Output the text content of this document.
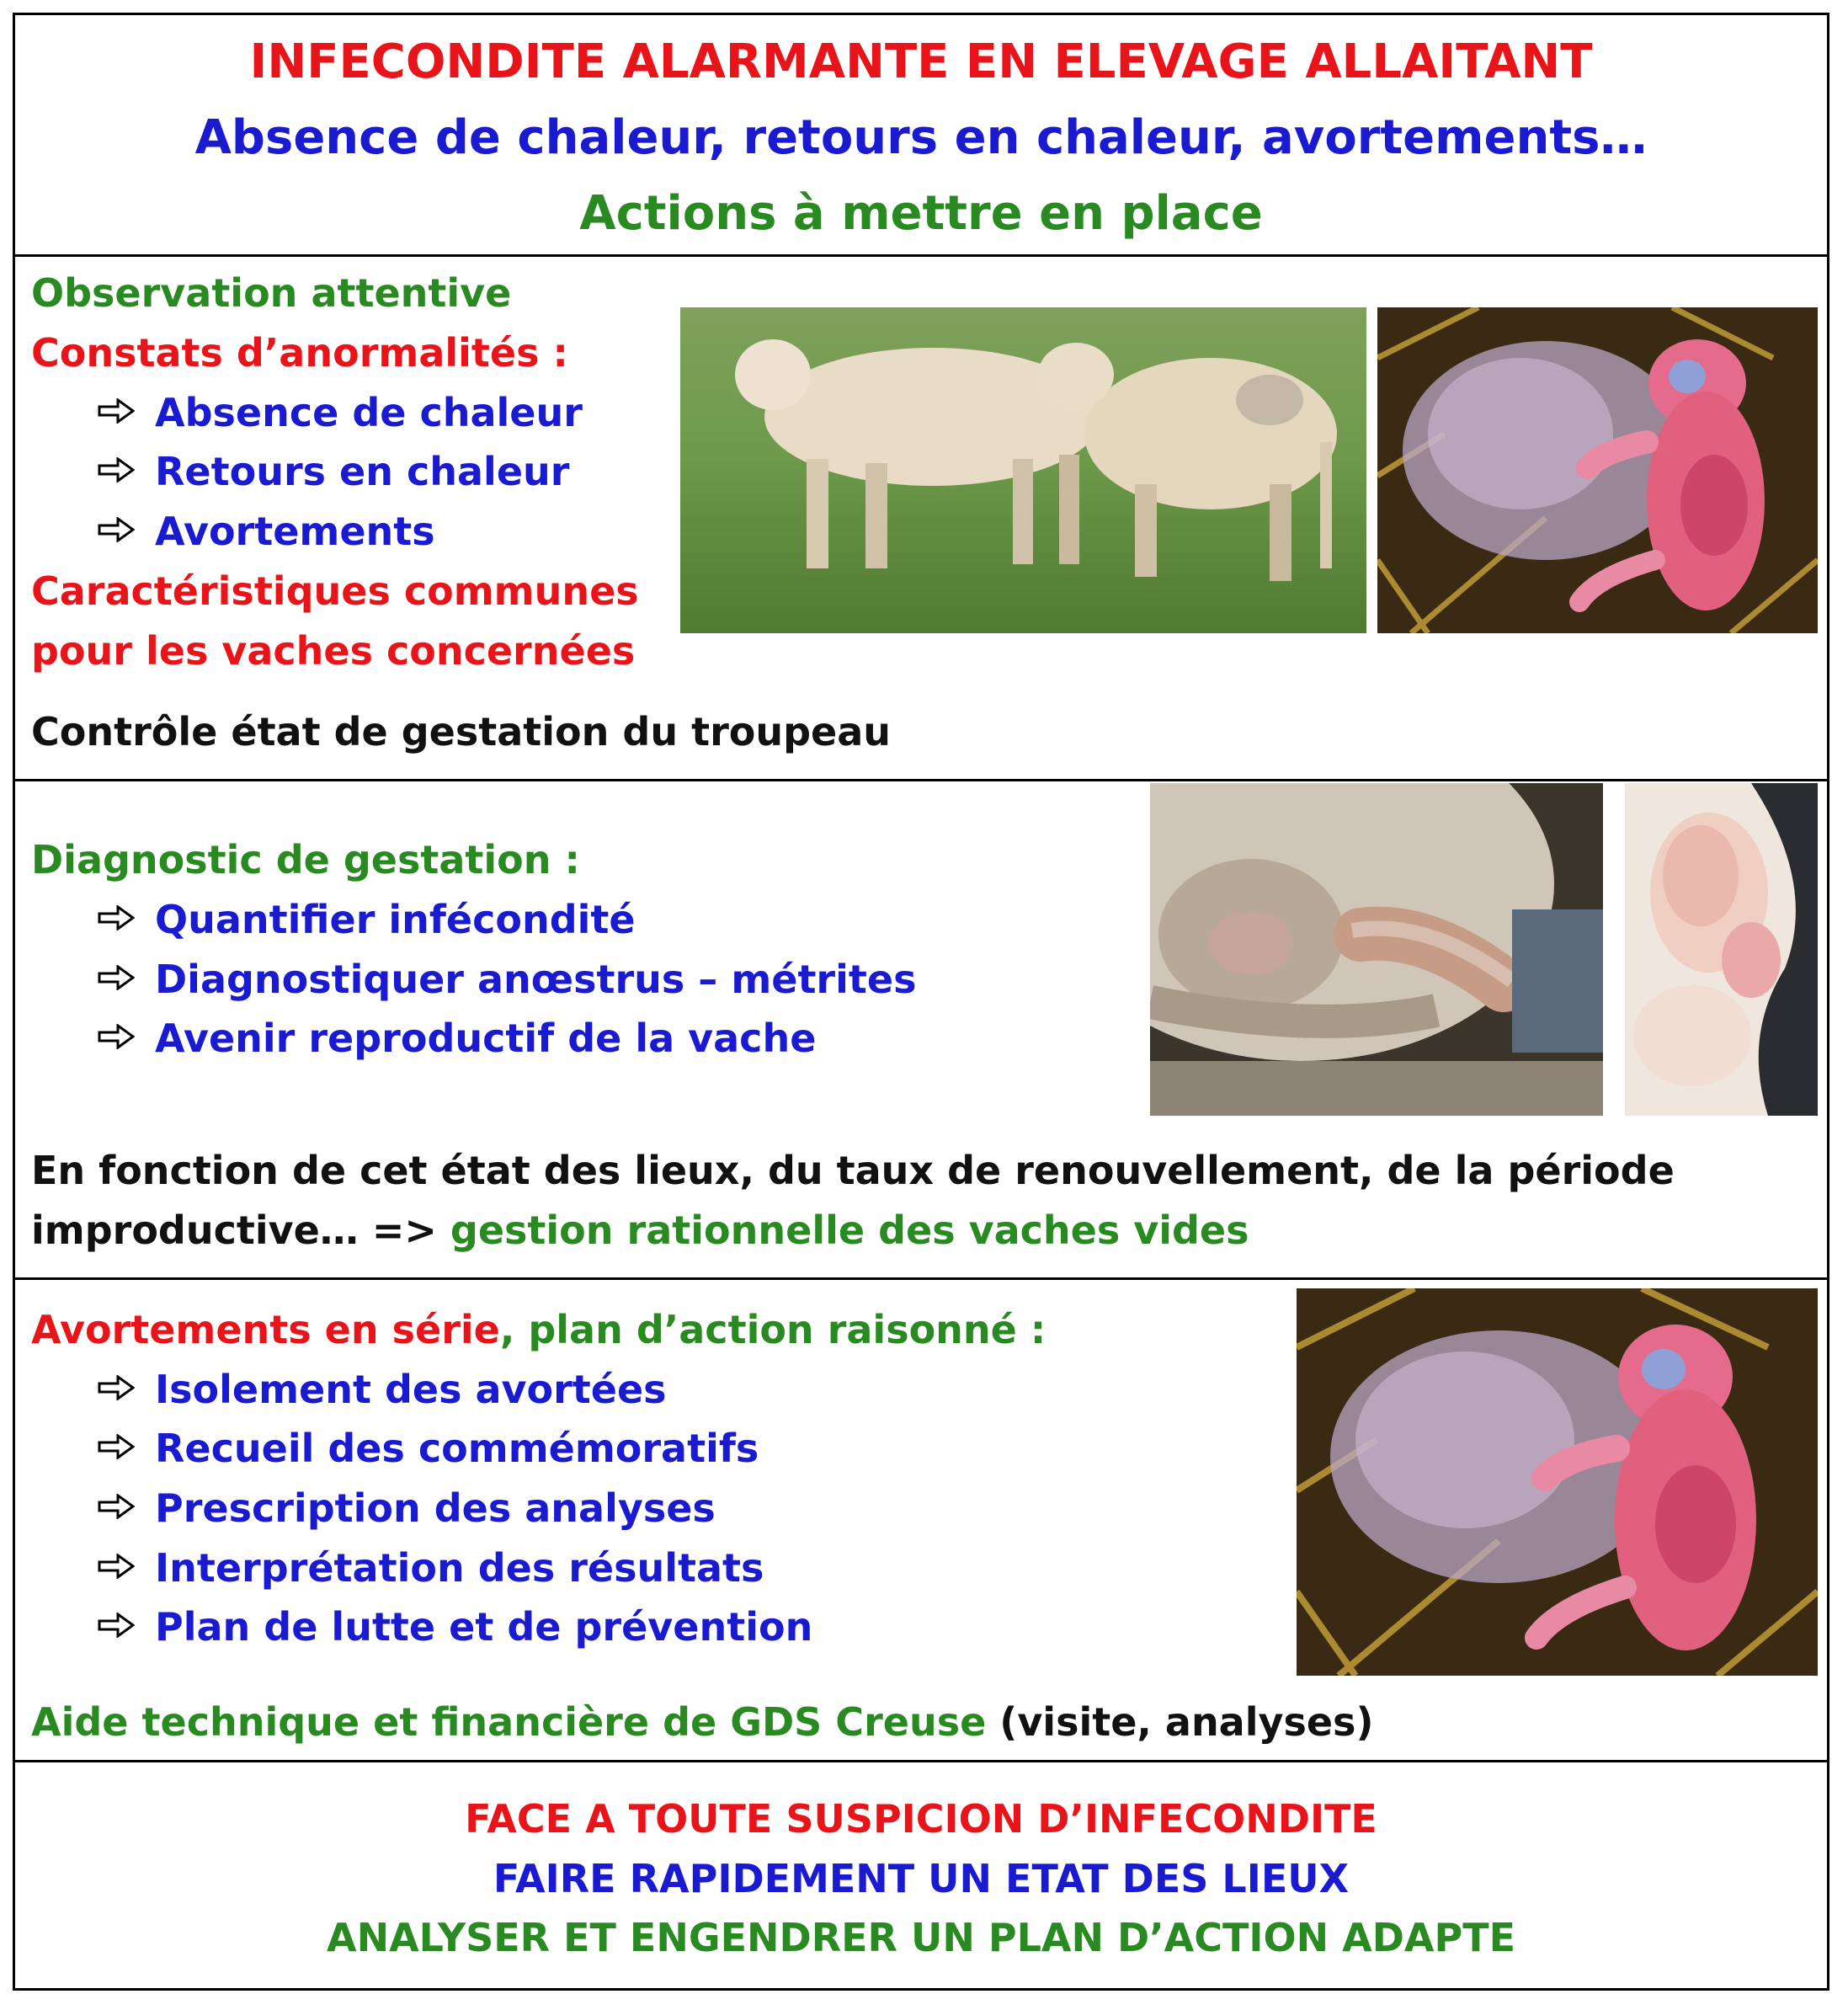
INFECONDITE ALARMANTE EN ELEVAGE ALLAITANT
Absence de chaleur, retours en chaleur, avortements…
Actions à mettre en place
Observation attentive
Constats d’anormalités :
Absence de chaleur
Retours en chaleur
Avortements
Caractéristiques communes
pour les vaches concernées
Contrôle état de gestation du troupeau
Diagnostic de gestation :
Quantifier infécondité
Diagnostiquer anœstrus – métrites
Avenir reproductif de la vache
En fonction de cet état des lieux, du taux de renouvellement, de la période
improductive… => gestion rationnelle des vaches vides
Avortements en série, plan d’action raisonné :
Isolement des avortées
Recueil des commémoratifs
Prescription des analyses
Interprétation des résultats
Plan de lutte et de prévention
Aide technique et financière de GDS Creuse (visite, analyses)
FACE A TOUTE SUSPICION D’INFECONDITE
FAIRE RAPIDEMENT UN ETAT DES LIEUX
ANALYSER ET ENGENDRER UN PLAN D’ACTION ADAPTE
